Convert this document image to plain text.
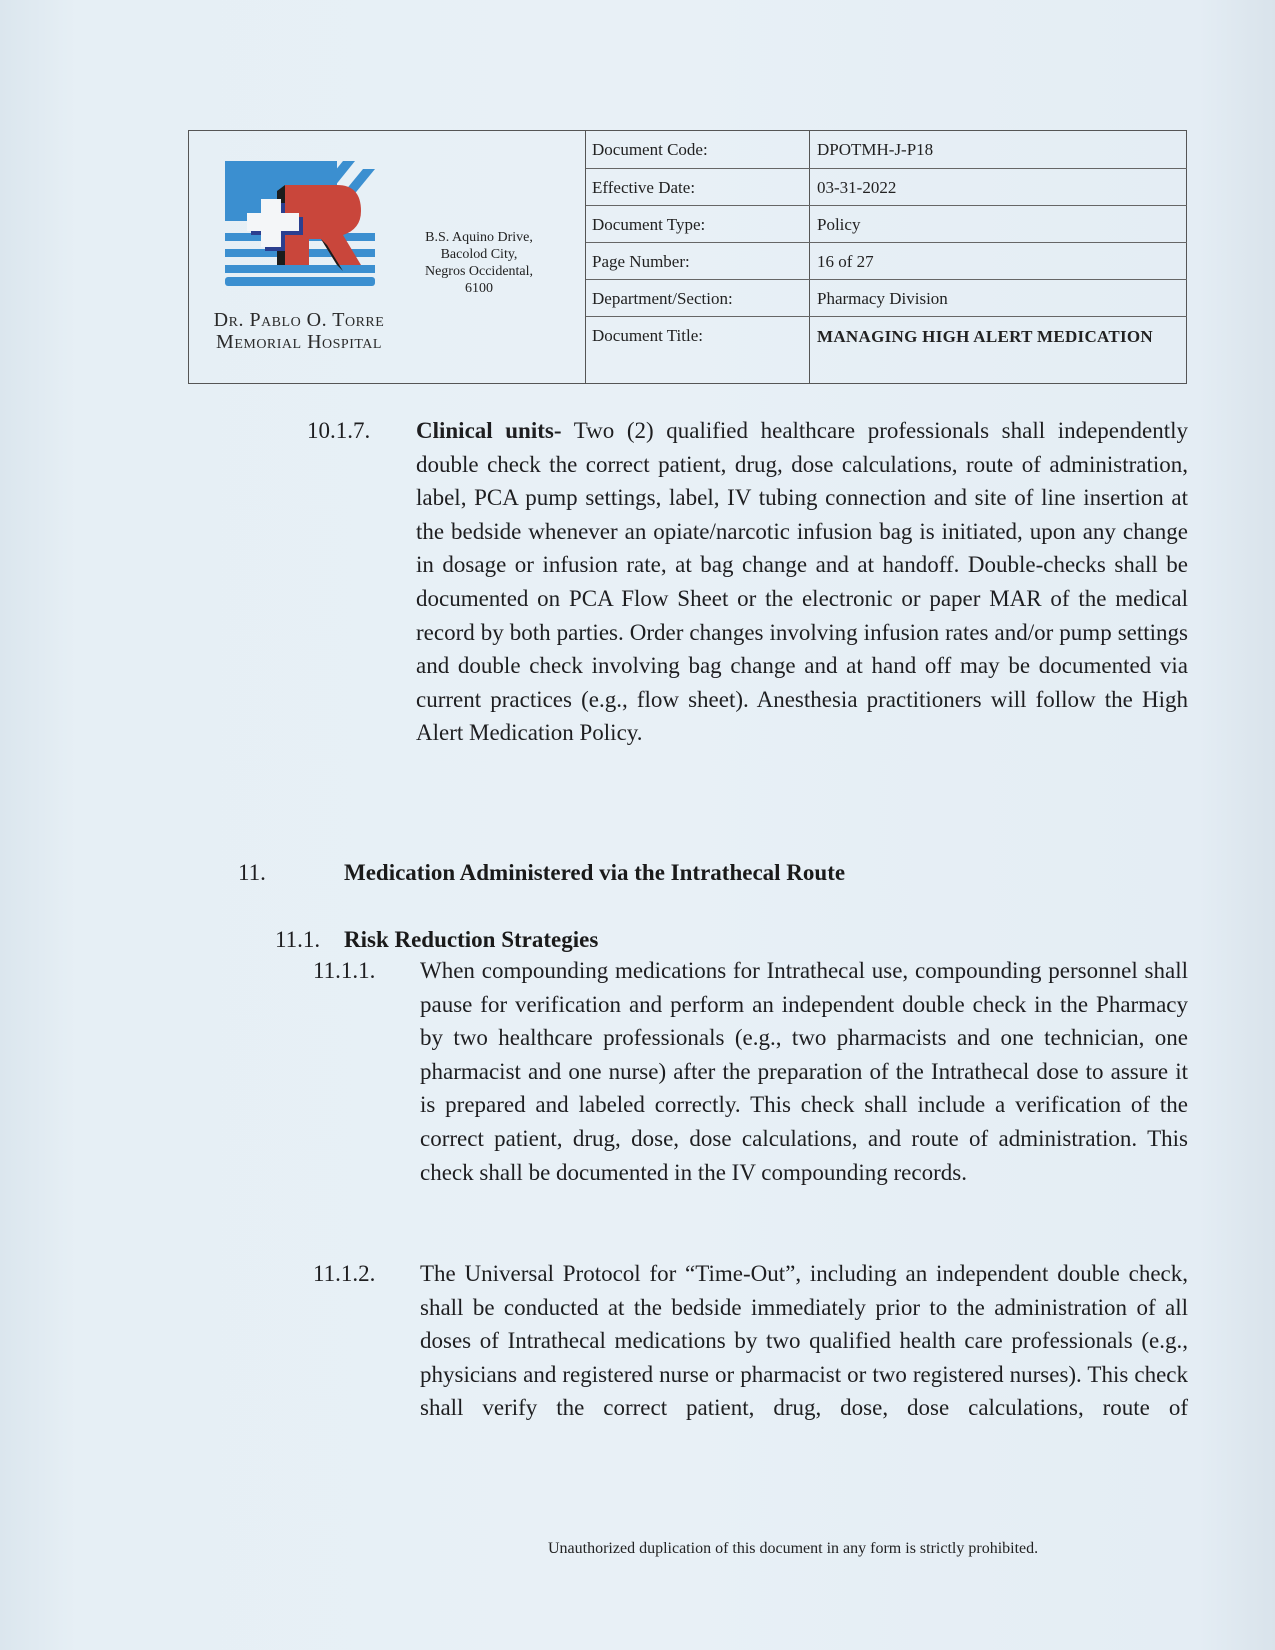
Dr. Pablo O. Torre
Memorial Hospital
B.S. Aquino Drive,
Bacolod City,
Negros Occidental,
6100
Document Code:	DPOTMH-J-P18
Effective Date:	03-31-2022
Document Type:	Policy
Page Number:	16 of 27
Department/Section:	Pharmacy Division
Document Title:	MANAGING HIGH ALERT MEDICATION
10.1.7. Clinical units- Two (2) qualified healthcare professionals shall independently double check the correct patient, drug, dose calculations, route of administration, label, PCA pump settings, label, IV tubing connection and site of line insertion at the bedside whenever an opiate/narcotic infusion bag is initiated, upon any change in dosage or infusion rate, at bag change and at handoff. Double-checks shall be documented on PCA Flow Sheet or the electronic or paper MAR of the medical record by both parties. Order changes involving infusion rates and/or pump settings and double check involving bag change and at hand off may be documented via current practices (e.g., flow sheet). Anesthesia practitioners will follow the High Alert Medication Policy.
11.	Medication Administered via the Intrathecal Route
11.1. Risk Reduction Strategies
11.1.1. When compounding medications for Intrathecal use, compounding personnel shall pause for verification and perform an independent double check in the Pharmacy by two healthcare professionals (e.g., two pharmacists and one technician, one pharmacist and one nurse) after the preparation of the Intrathecal dose to assure it is prepared and labeled correctly. This check shall include a verification of the correct patient, drug, dose, dose calculations, and route of administration. This check shall be documented in the IV compounding records.
11.1.2. The Universal Protocol for “Time-Out”, including an independent double check, shall be conducted at the bedside immediately prior to the administration of all doses of Intrathecal medications by two qualified health care professionals (e.g., physicians and registered nurse or pharmacist or two registered nurses). This check shall verify the correct patient, drug, dose, dose calculations, route of
Unauthorized duplication of this document in any form is strictly prohibited.
